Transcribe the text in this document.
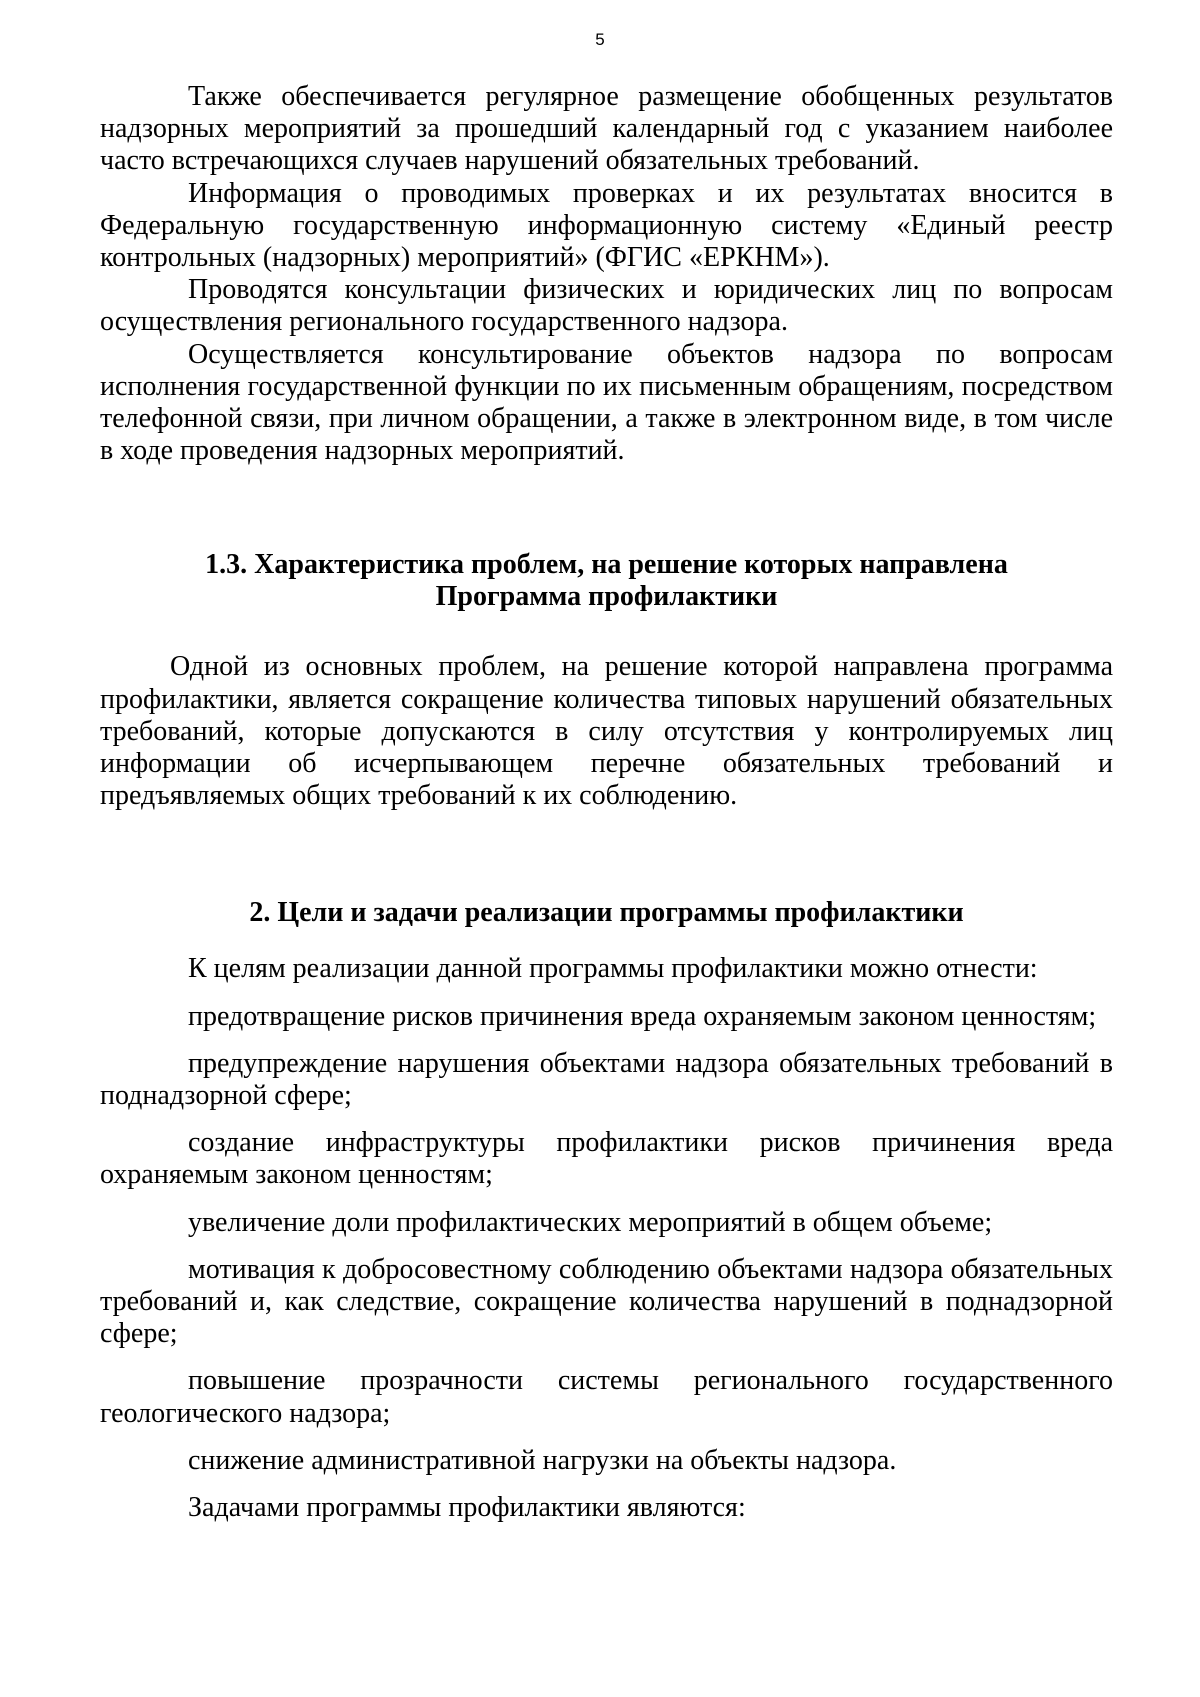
5

Также обеспечивается регулярное размещение обобщенных результатов надзорных мероприятий за прошедший календарный год с указанием наиболее часто встречающихся случаев нарушений обязательных требований.

Информация о проводимых проверках и их результатах вносится в Федеральную государственную информационную систему «Единый реестр контрольных (надзорных) мероприятий» (ФГИС «ЕРКНМ»).

Проводятся консультации физических и юридических лиц по вопросам осуществления регионального государственного надзора.

Осуществляется консультирование объектов надзора по вопросам исполнения государственной функции по их письменным обращениям, посредством телефонной связи, при личном обращении, а также в электронном виде, в том числе в ходе проведения надзорных мероприятий.

1.3. Характеристика проблем, на решение которых направлена
Программа профилактики

Одной из основных проблем, на решение которой направлена программа профилактики, является сокращение количества типовых нарушений обязательных требований, которые допускаются в силу отсутствия у контролируемых лиц информации об исчерпывающем перечне обязательных требований и предъявляемых общих требований к их соблюдению.

2. Цели и задачи реализации программы профилактики

К целям реализации данной программы профилактики можно отнести:

предотвращение рисков причинения вреда охраняемым законом ценностям;

предупреждение нарушения объектами надзора обязательных требований в поднадзорной сфере;

создание инфраструктуры профилактики рисков причинения вреда охраняемым законом ценностям;

увеличение доли профилактических мероприятий в общем объеме;

мотивация к добросовестному соблюдению объектами надзора обязательных требований и, как следствие, сокращение количества нарушений в поднадзорной сфере;

повышение прозрачности системы регионального государственного геологического надзора;

снижение административной нагрузки на объекты надзора.

Задачами программы профилактики являются:
